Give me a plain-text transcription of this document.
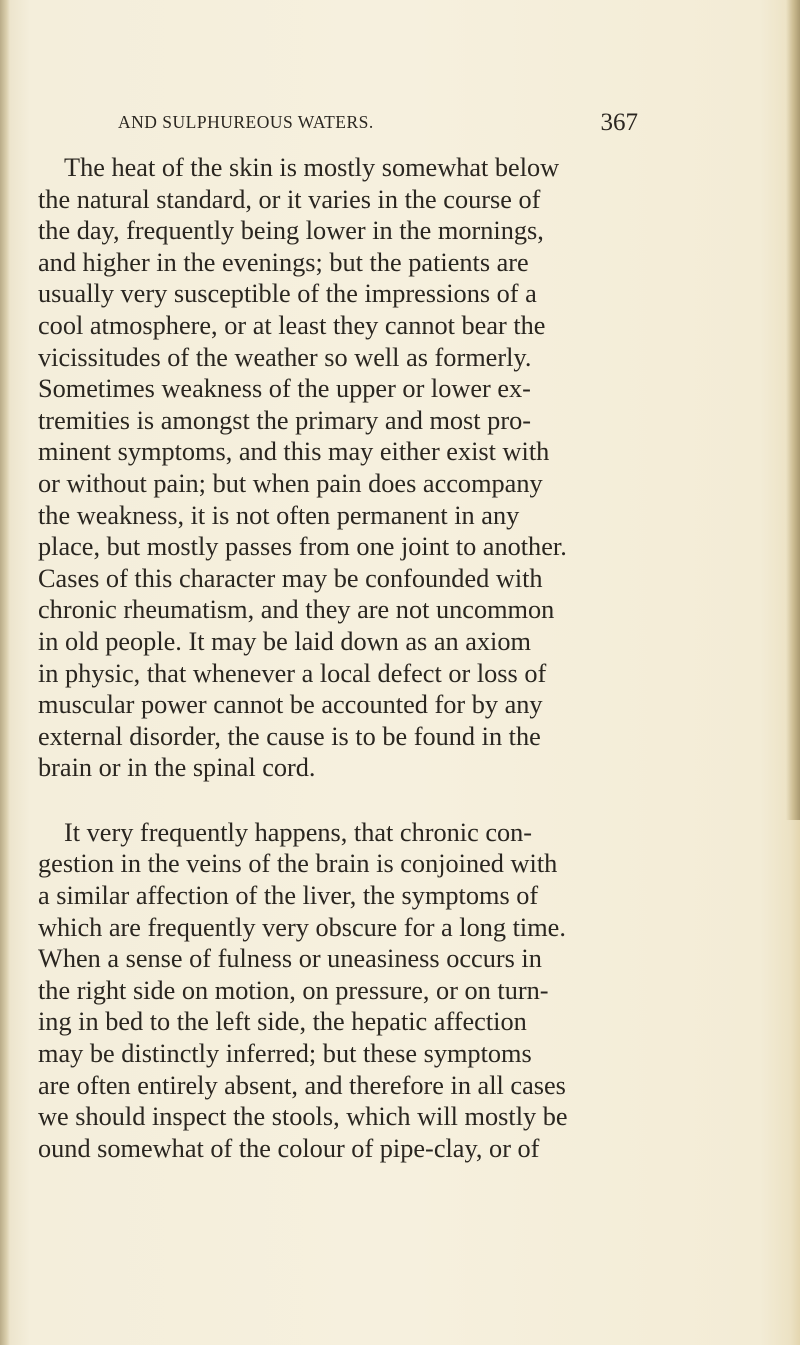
AND SULPHUREOUS WATERS.	367
The heat of the skin is mostly somewhat below
the natural standard, or it varies in the course of
the day, frequently being lower in the mornings,
and higher in the evenings; but the patients are
usually very susceptible of the impressions of a
cool atmosphere, or at least they cannot bear the
vicissitudes of the weather so well as formerly.
Sometimes weakness of the upper or lower ex-
tremities is amongst the primary and most pro-
minent symptoms, and this may either exist with
or without pain; but when pain does accompany
the weakness, it is not often permanent in any
place, but mostly passes from one joint to another.
Cases of this character may be confounded with
chronic rheumatism, and they are not uncommon
in old people. It may be laid down as an axiom
in physic, that whenever a local defect or loss of
muscular power cannot be accounted for by any
external disorder, the cause is to be found in the
brain or in the spinal cord.
It very frequently happens, that chronic con-
gestion in the veins of the brain is conjoined with
a similar affection of the liver, the symptoms of
which are frequently very obscure for a long time.
When a sense of fulness or uneasiness occurs in
the right side on motion, on pressure, or on turn-
ing in bed to the left side, the hepatic affection
may be distinctly inferred; but these symptoms
are often entirely absent, and therefore in all cases
we should inspect the stools, which will mostly be
ound somewhat of the colour of pipe-clay, or of
